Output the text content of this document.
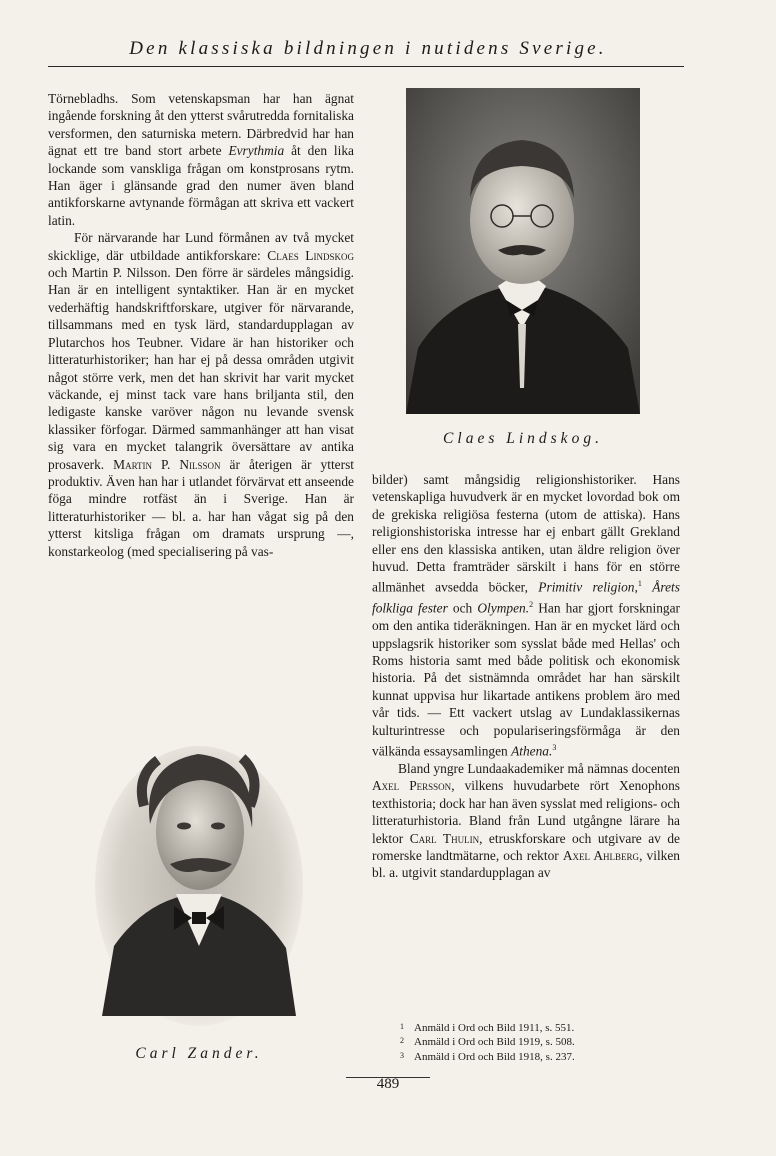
Den klassiska bildningen i nutidens Sverige.

Törnebladhs. Som vetenskapsman har han ägnat ingående forskning åt den ytterst svårutredda fornitaliska versformen, den saturniska metern. Därbredvid har han ägnat ett tre band stort arbete Evrythmia åt den lika lockande som vanskliga frågan om konstprosans rytm. Han äger i glänsande grad den numer även bland antikforskarne avtynande förmågan att skriva ett vackert latin.

För närvarande har Lund förmånen av två mycket skicklige, där utbildade antikforskare: Claes Lindskog och Martin P. Nilsson. Den förre är särdeles mångsidig. Han är en intelligent syntaktiker. Han är en mycket vederhäftig handskriftforskare, utgiver för närvarande, tillsammans med en tysk lärd, standardupplagan av Plutarchos hos Teubner. Vidare är han historiker och litteraturhistoriker; han har ej på dessa områden utgivit något större verk, men det han skrivit har varit mycket väckande, ej minst tack vare hans briljanta stil, den ledigaste kanske varöver någon nu levande svensk klassiker förfogar. Därmed sammanhänger att han visat sig vara en mycket talangrik översättare av antika prosaverk. Martin P. Nilsson är återigen är ytterst produktiv. Även han har i utlandet förvärvat ett anseende föga mindre rotfäst än i Sverige. Han är litteraturhistoriker — bl. a. har han vågat sig på den ytterst kitsliga frågan om dramats ursprung —, konstarkeolog (med specialisering på vas-

Claes Lindskog.

bilder) samt mångsidig religionshistoriker. Hans vetenskapliga huvudverk är en mycket lovordad bok om de grekiska religiösa festerna (utom de attiska). Hans religionshistoriska intresse har ej enbart gällt Grekland eller ens den klassiska antiken, utan äldre religion över huvud. Detta framträder särskilt i hans för en större allmänhet avsedda böcker, Primitiv religion,$^1$ Årets folkliga fester och Olympen.$^2$ Han har gjort forskningar om den antika tideräkningen. Han är en mycket lärd och uppslagsrik historiker som sysslat både med Hellas' och Roms historia samt med både politisk och ekonomisk historia. På det sistnämnda området har han särskilt kunnat uppvisa hur likartade antikens problem äro med vår tids. — Ett vackert utslag av Lundaklassikernas kulturintresse och populariseringsförmåga är den välkända essaysamlingen Athena.$^3$

Bland yngre Lundaakademiker må nämnas docenten Axel Persson, vilkens huvudarbete rört Xenophons texthistoria; dock har han även sysslat med religions- och litteraturhistoria. Bland från Lund utgångne lärare ha lektor Carl Thulin, etruskforskare och utgivare av de romerske landtmätarne, och rektor Axel Ahlberg, vilken bl. a. utgivit standardupplagan av

Carl Zander.
1 Anmäld i Ord och Bild 1911, s. 551.
2 Anmäld i Ord och Bild 1919, s. 508.
3 Anmäld i Ord och Bild 1918, s. 237.
489
